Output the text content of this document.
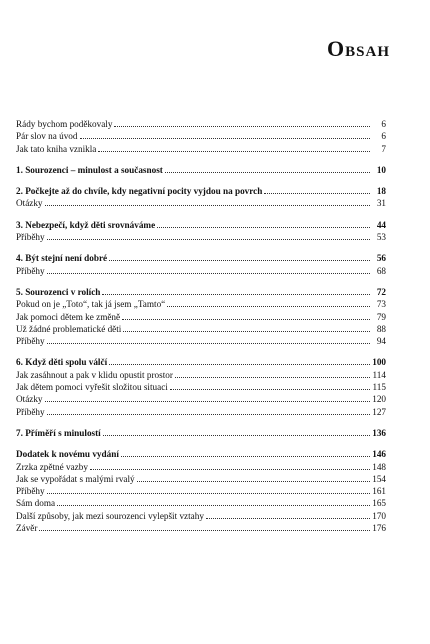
Obsah
Rády bychom poděkovaly	6
Pár slov na úvod	6
Jak tato kniha vznikla	7
1. Sourozenci – minulost a současnost	10
2. Počkejte až do chvíle, kdy negativní pocity vyjdou na povrch	18
Otázky	31
3. Nebezpečí, když děti srovnáváme	44
Příběhy	53
4. Být stejní není dobré	56
Příběhy	68
5. Sourozenci v rolích	72
Pokud on je „Toto“, tak já jsem „Tamto“	73
Jak pomoci dětem ke změně	79
Už žádné problematické děti	88
Příběhy	94
6. Když děti spolu válčí	100
Jak zasáhnout a pak v klidu opustit prostor	114
Jak dětem pomoci vyřešit složitou situaci	115
Otázky	120
Příběhy	127
7. Příměří s minulostí	136
Dodatek k novému vydání	146
Zrzka zpětné vazby	148
Jak se vypořádat s malými rvalý	154
Příběhy	161
Sám doma	165
Další způsoby, jak mezi sourozenci vylepšit vztahy	170
Závěr	176
